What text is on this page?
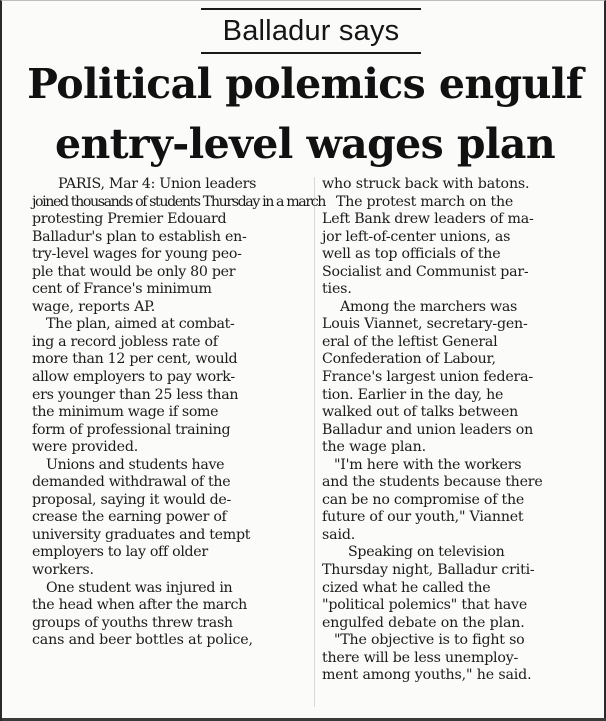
Balladur says
Political polemics engulf
entry-level wages plan
PARIS, Mar 4: Union leaders
joined thousands of students Thursday in a march
protesting Premier Edouard
Balladur's plan to establish en-
try-level wages for young peo-
ple that would be only 80 per
cent of France's minimum
wage, reports AP.
The plan, aimed at combat-
ing a record jobless rate of
more than 12 per cent, would
allow employers to pay work-
ers younger than 25 less than
the minimum wage if some
form of professional training
were provided.
Unions and students have
demanded withdrawal of the
proposal, saying it would de-
crease the earning power of
university graduates and tempt
employers to lay off older
workers.
One student was injured in
the head when after the march
groups of youths threw trash
cans and beer bottles at police,
who struck back with batons.
The protest march on the
Left Bank drew leaders of ma-
jor left-of-center unions, as
well as top officials of the
Socialist and Communist par-
ties.
Among the marchers was
Louis Viannet, secretary-gen-
eral of the leftist General
Confederation of Labour,
France's largest union federa-
tion. Earlier in the day, he
walked out of talks between
Balladur and union leaders on
the wage plan.
"I'm here with the workers
and the students because there
can be no compromise of the
future of our youth," Viannet
said.
Speaking on television
Thursday night, Balladur criti-
cized what he called the
"political polemics" that have
engulfed debate on the plan.
"The objective is to fight so
there will be less unemploy-
ment among youths," he said.
